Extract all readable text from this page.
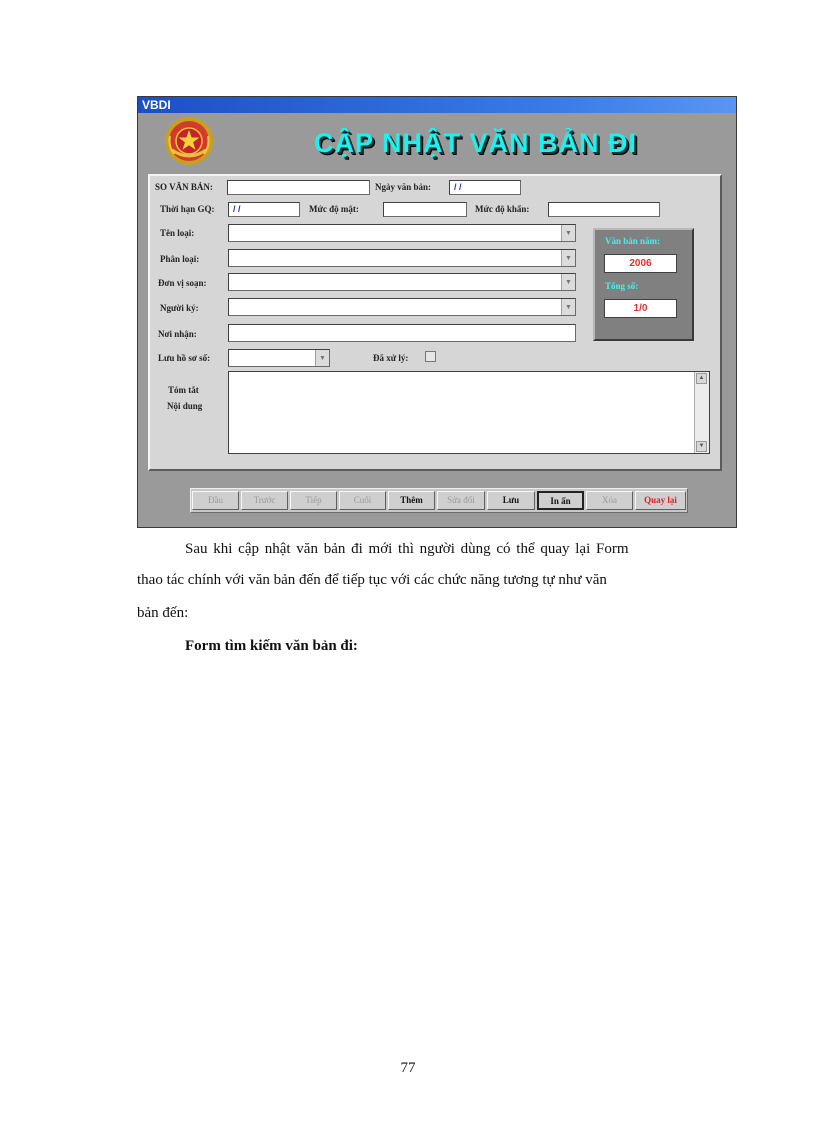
VBDI
CẬP NHẬT VĂN BẢN ĐI
SO VĂN BẢN:	Ngày văn bản:	/ /
Thời hạn GQ:	/ /	Mức độ mật:	Mức độ khẩn:
Tên loại:	▼
Phân loại:	▼
Đơn vị soạn:	▼
Người ký:	▼
Nơi nhận:
Lưu hồ sơ số:	▼	Đã xử lý:
Tóm tắt
Nội dung
▲
▼
Văn bản năm:
2006
Tổng số:
1/0
Đầu	Trước	Tiếp	Cuối	Thêm	Sửa đổi	Lưu	In ấn	Xóa	Quay lại
Sau khi cập nhật văn bản đi mới thì người dùng có thể quay lại Form
thao tác chính với văn bản đến để tiếp tục với các chức năng tương tự như văn
bản đến:
Form tìm kiếm văn bản đi:
77
